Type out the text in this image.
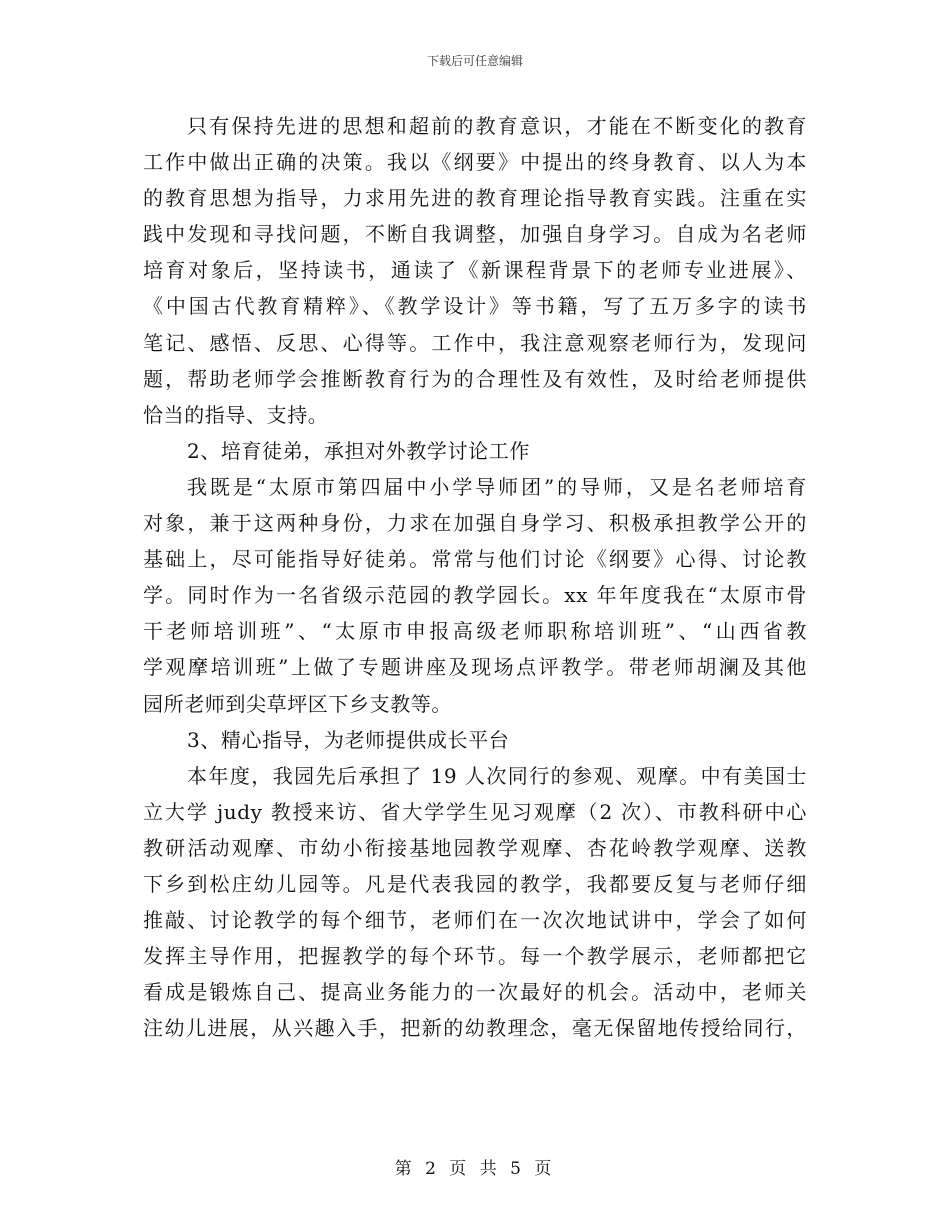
下载后可任意编辑
只有保持先进的思想和超前的教育意识，才能在不断变化的教育
工作中做出正确的决策。我以《纲要》中提出的终身教育、以人为本
的教育思想为指导，力求用先进的教育理论指导教育实践。注重在实
践中发现和寻找问题，不断自我调整，加强自身学习。自成为名老师
培育对象后，坚持读书，通读了《新课程背景下的老师专业进展》、
《中国古代教育精粹》、《教学设计》等书籍，写了五万多字的读书
笔记、感悟、反思、心得等。工作中，我注意观察老师行为，发现问
题，帮助老师学会推断教育行为的合理性及有效性，及时给老师提供
恰当的指导、支持。
2、培育徒弟，承担对外教学讨论工作
我既是“太原市第四届中小学导师团”的导师，又是名老师培育
对象，兼于这两种身份，力求在加强自身学习、积极承担教学公开的
基础上，尽可能指导好徒弟。常常与他们讨论《纲要》心得、讨论教
学。同时作为一名省级示范园的教学园长。xx 年年度我在“太原市骨
干老师培训班”、“太原市申报高级老师职称培训班”、“山西省教
学观摩培训班”上做了专题讲座及现场点评教学。带老师胡澜及其他
园所老师到尖草坪区下乡支教等。
3、精心指导，为老师提供成长平台
本年度，我园先后承担了 19 人次同行的参观、观摩。中有美国士
立大学 judy 教授来访、省大学学生见习观摩（2 次）、市教科研中心
教研活动观摩、市幼小衔接基地园教学观摩、杏花岭教学观摩、送教
下乡到松庄幼儿园等。凡是代表我园的教学，我都要反复与老师仔细
推敲、讨论教学的每个细节，老师们在一次次地试讲中，学会了如何
发挥主导作用，把握教学的每个环节。每一个教学展示，老师都把它
看成是锻炼自己、提高业务能力的一次最好的机会。活动中，老师关
注幼儿进展，从兴趣入手，把新的幼教理念，毫无保留地传授给同行，
第 2 页 共 5 页
